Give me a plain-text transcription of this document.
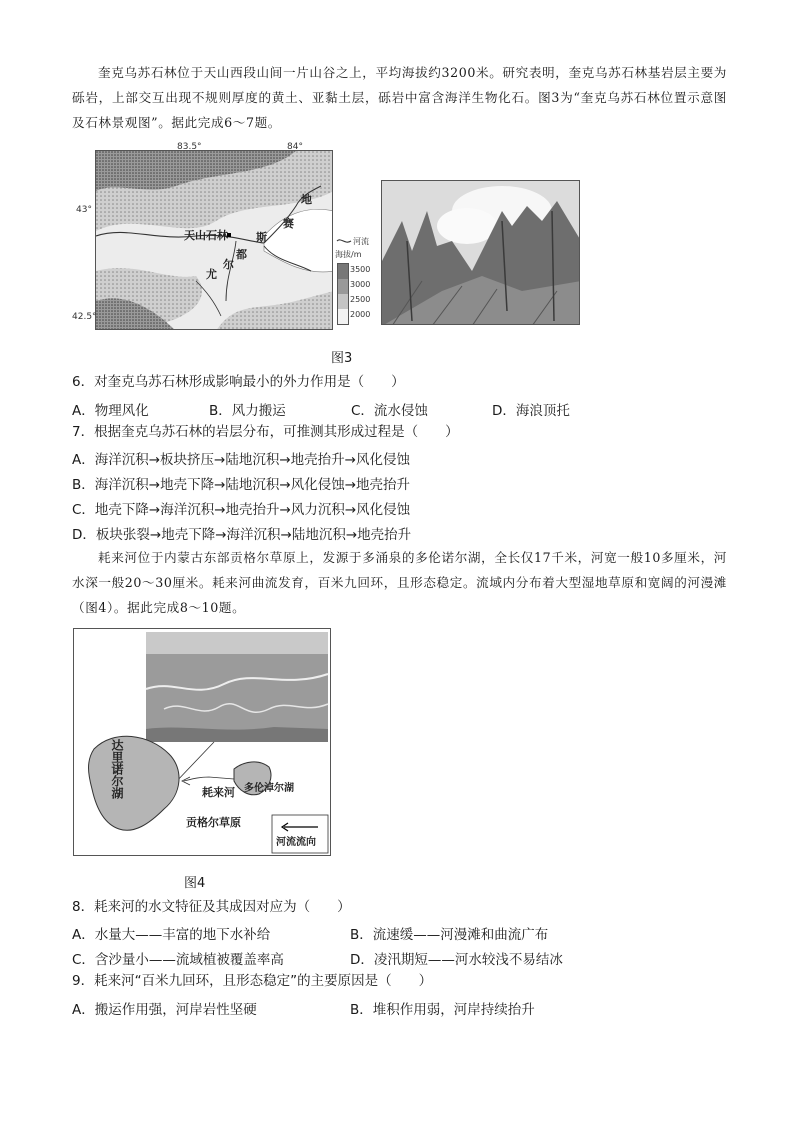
奎克乌苏石林位于天山西段山间一片山谷之上，平均海拔约3200米。研究表明，奎克乌苏石林基岩层主要为砾岩，上部交互出现不规则厚度的黄土、亚黏土层，砾岩中富含海洋生物化石。图3为“奎克乌苏石林位置示意图及石林景观图”。据此完成6～7题。
天山石林
地
赛
斯
都
尔
尤
83.5°	84°
43°
42.5°
河流
海拔/m
3500
3000
2500
2000
图3
6．对奎克乌苏石林形成影响最小的外力作用是（　　）
A．物理风化	B．风力搬运	C．流水侵蚀	D．海浪顶托
7．根据奎克乌苏石林的岩层分布，可推测其形成过程是（　　）
A．海洋沉积→板块挤压→陆地沉积→地壳抬升→风化侵蚀
B．海洋沉积→地壳下降→陆地沉积→风化侵蚀→地壳抬升
C．地壳下降→海洋沉积→地壳抬升→风力沉积→风化侵蚀
D．板块张裂→地壳下降→海洋沉积→陆地沉积→地壳抬升
耗来河位于内蒙古东部贡格尔草原上，发源于多涌泉的多伦诺尔湖，全长仅17千米，河宽一般10多厘米，河水深一般20～30厘米。耗来河曲流发育，百米九回环，且形态稳定。流域内分布着大型湿地草原和宽阔的河漫滩（图4）。据此完成8～10题。
达里诺尔湖	耗来河 多伦淖尔湖
贡格尔草原
河流流向
图4
8．耗来河的水文特征及其成因对应为（　　）
A．水量大——丰富的地下水补给	B．流速缓——河漫滩和曲流广布
C．含沙量小——流域植被覆盖率高	D．凌汛期短——河水较浅不易结冰
9．耗来河“百米九回环，且形态稳定”的主要原因是（　　）
A．搬运作用强，河岸岩性坚硬	B．堆积作用弱，河岸持续抬升
